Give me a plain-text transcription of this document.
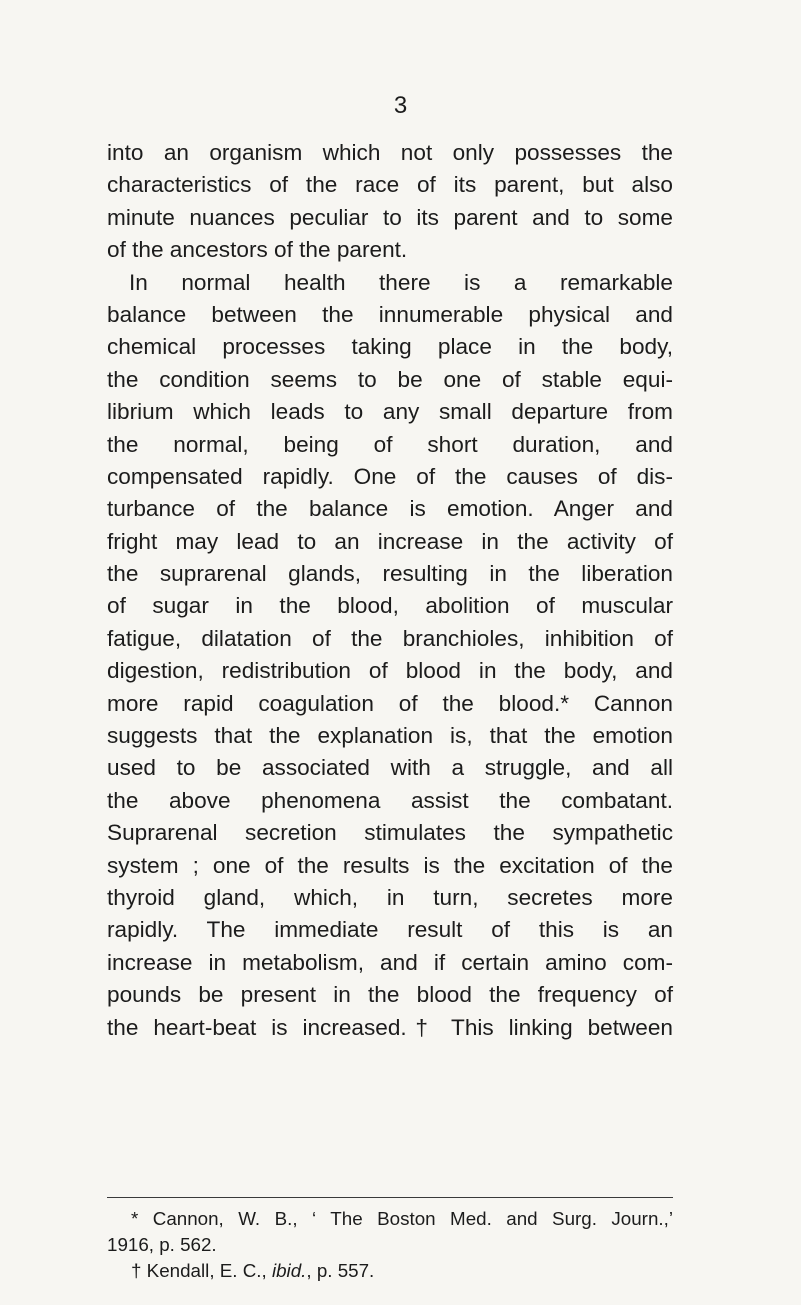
3
into an organism which not only possesses the
characteristics of the race of its parent, but also
minute nuances peculiar to its parent and to some
of the ancestors of the parent.
In normal health there is a remarkable
balance between the innumerable physical and
chemical processes taking place in the body,
the condition seems to be one of stable equi-
librium which leads to any small departure from
the normal, being of short duration, and
compensated rapidly. One of the causes of dis-
turbance of the balance is emotion. Anger and
fright may lead to an increase in the activity of
the suprarenal glands, resulting in the liberation
of sugar in the blood, abolition of muscular
fatigue, dilatation of the branchioles, inhibition of
digestion, redistribution of blood in the body, and
more rapid coagulation of the blood.* Cannon
suggests that the explanation is, that the emotion
used to be associated with a struggle, and all
the above phenomena assist the combatant.
Suprarenal secretion stimulates the sympathetic
system ; one of the results is the excitation of the
thyroid gland, which, in turn, secretes more
rapidly. The immediate result of this is an
increase in metabolism, and if certain amino com-
pounds be present in the blood the frequency of
the heart-beat is increased.† This linking between
* Cannon, W. B., ‘ The Boston Med. and Surg. Journ.,’
1916, p. 562.
† Kendall, E. C., ibid., p. 557.
